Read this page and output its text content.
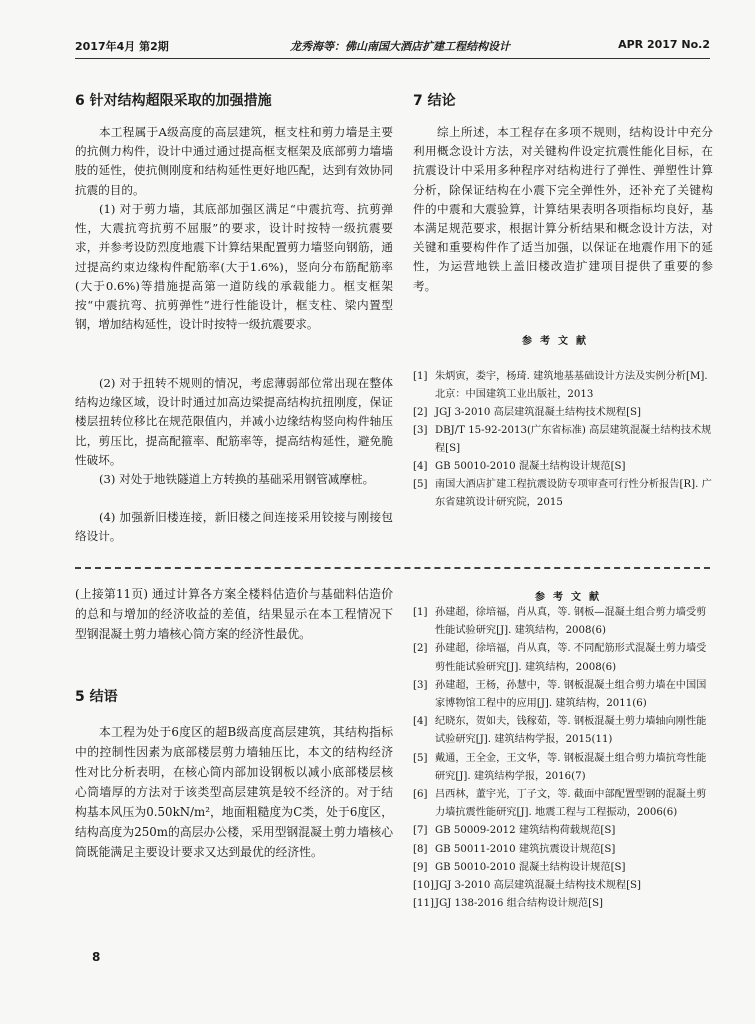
2017年4月 第2期	龙秀海等：佛山南国大酒店扩建工程结构设计	APR 2017 No.2
6 针对结构超限采取的加强措施

本工程属于A级高度的高层建筑，框支柱和剪力墙是主要的抗侧力构件，设计中通过通过提高框支框架及底部剪力墙墙肢的延性，使抗侧刚度和结构延性更好地匹配，达到有效协同抗震的目的。

(1) 对于剪力墙，其底部加强区满足“中震抗弯、抗剪弹性，大震抗弯抗剪不屈服”的要求，设计时按特一级抗震要求，并参考设防烈度地震下计算结果配置剪力墙竖向钢筋，通过提高约束边缘构件配筋率(大于1.6%)，竖向分布筋配筋率(大于0.6%)等措施提高第一道防线的承载能力。框支框架按“中震抗弯、抗剪弹性”进行性能设计，框支柱、梁内置型钢，增加结构延性，设计时按特一级抗震要求。

(2) 对于扭转不规则的情况，考虑薄弱部位常出现在整体结构边缘区域，设计时通过加高边梁提高结构抗扭刚度，保证楼层扭转位移比在规范限值内，并减小边缘结构竖向构件轴压比，剪压比，提高配箍率、配筋率等，提高结构延性，避免脆性破坏。

(3) 对处于地铁隧道上方转换的基础采用钢管减摩桩。

(4) 加强新旧楼连接，新旧楼之间连接采用铰接与刚接包络设计。

7 结论

综上所述，本工程存在多项不规则，结构设计中充分利用概念设计方法，对关键构件设定抗震性能化目标，在抗震设计中采用多种程序对结构进行了弹性、弹塑性计算分析，除保证结构在小震下完全弹性外，还补充了关键构件的中震和大震验算，计算结果表明各项指标均良好，基本满足规范要求，根据计算分析结果和概念设计方法，对关键和重要构件作了适当加强，以保证在地震作用下的延性，为运营地铁上盖旧楼改造扩建项目提供了重要的参考。

参考文献
[1] 朱炳寅，娄宇，杨琦. 建筑地基基础设计方法及实例分析[M]. 北京：中国建筑工业出版社，2013
[2] JGJ 3-2010 高层建筑混凝土结构技术规程[S]
[3] DBJ/T 15-92-2013(广东省标准) 高层建筑混凝土结构技术规程[S]
[4] GB 50010-2010 混凝土结构设计规范[S]
[5] 南国大酒店扩建工程抗震设防专项审查可行性分析报告[R]. 广东省建筑设计研究院，2015

(上接第11页) 通过计算各方案全楼料估造价与基础料估造价的总和与增加的经济收益的差值，结果显示在本工程情况下型钢混凝土剪力墙核心筒方案的经济性最优。

5 结语

本工程为处于6度区的超B级高度高层建筑，其结构指标中的控制性因素为底部楼层剪力墙轴压比，本文的结构经济性对比分析表明，在核心筒内部加设钢板以减小底部楼层核心筒墙厚的方法对于该类型高层建筑是较不经济的。对于结构基本风压为0.50kN/m²，地面粗糙度为C类，处于6度区，结构高度为250m的高层办公楼，采用型钢混凝土剪力墙核心筒既能满足主要设计要求又达到最优的经济性。

参考文献
[1] 孙建超，徐培福，肖从真，等. 钢板—混凝土组合剪力墙受剪性能试验研究[J]. 建筑结构，2008(6)
[2] 孙建超，徐培福，肖从真，等. 不同配筋形式混凝土剪力墙受剪性能试验研究[J]. 建筑结构，2008(6)
[3] 孙建超，王杨，孙慧中，等. 钢板混凝土组合剪力墙在中国国家博物馆工程中的应用[J]. 建筑结构，2011(6)
[4] 纪晓东，贺如夫，钱稼茹，等. 钢板混凝土剪力墙轴向刚性能试验研究[J]. 建筑结构学报，2015(11)
[5] 戴通，王全金，王文华，等. 钢板混凝土组合剪力墙抗弯性能研究[J]. 建筑结构学报，2016(7)
[6] 吕西林，董宇光，丁子文，等. 截面中部配置型钢的混凝土剪力墙抗震性能研究[J]. 地震工程与工程振动，2006(6)
[7] GB 50009-2012 建筑结构荷载规范[S]
[8] GB 50011-2010 建筑抗震设计规范[S]
[9] GB 50010-2010 混凝土结构设计规范[S]
[10] JGJ 3-2010 高层建筑混凝土结构技术规程[S]
[11] JGJ 138-2016 组合结构设计规范[S]
8
